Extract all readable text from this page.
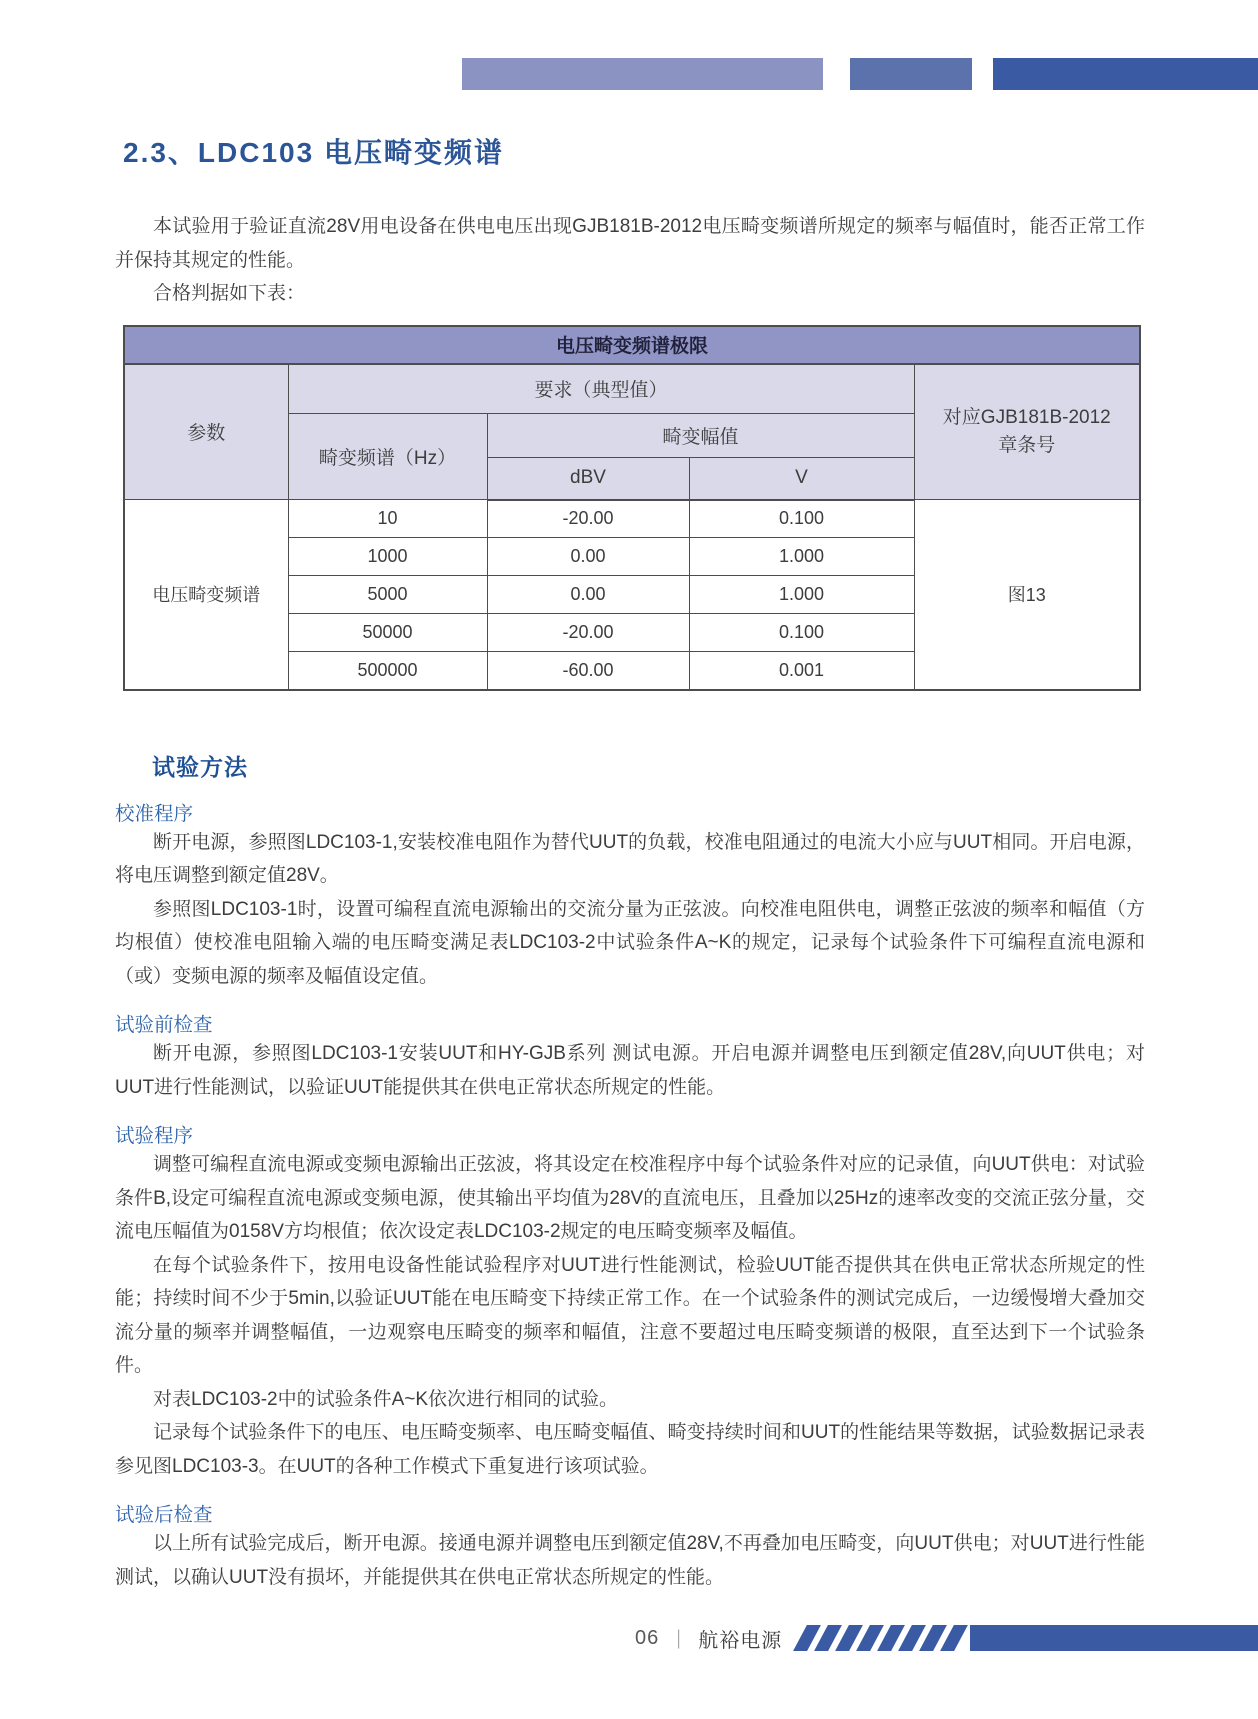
2.3、LDC103 电压畸变频谱

本试验用于验证直流28V用电设备在供电电压出现GJB181B-2012电压畸变频谱所规定的频率与幅值时，能否正常工作并保持其规定的性能。

合格判据如下表：

电压畸变频谱极限				
参数	要求（典型值）			对应GJB181B-2012
章条号

	畸变频谱（Hz）	畸变幅值		
		dBV	V	
电压畸变频谱	10	-20.00	0.100	图13
	1000	0.00	1.000	
	5000	0.00	1.000	
	50000	-20.00	0.100	
	500000	-60.00	0.001	
试验方法
校准程序

断开电源，参照图LDC103-1,安装校准电阻作为替代UUT的负载，校准电阻通过的电流大小应与UUT相同。开启电源，将电压调整到额定值28V。

参照图LDC103-1时，设置可编程直流电源输出的交流分量为正弦波。向校准电阻供电，调整正弦波的频率和幅值（方均根值）使校准电阻输入端的电压畸变满足表LDC103-2中试验条件A~K的规定，记录每个试验条件下可编程直流电源和（或）变频电源的频率及幅值设定值。

试验前检查

断开电源，参照图LDC103-1安装UUT和HY-GJB系列 测试电源。开启电源并调整电压到额定值28V,向UUT供电；对UUT进行性能测试，以验证UUT能提供其在供电正常状态所规定的性能。

试验程序

调整可编程直流电源或变频电源输出正弦波，将其设定在校准程序中每个试验条件对应的记录值，向UUT供电：对试验条件B,设定可编程直流电源或变频电源，使其输出平均值为28V的直流电压，且叠加以25Hz的速率改变的交流正弦分量，交流电压幅值为0158V方均根值；依次设定表LDC103-2规定的电压畸变频率及幅值。

在每个试验条件下，按用电设备性能试验程序对UUT进行性能测试，检验UUT能否提供其在供电正常状态所规定的性能；持续时间不少于5min,以验证UUT能在电压畸变下持续正常工作。在一个试验条件的测试完成后，一边缓慢增大叠加交流分量的频率并调整幅值，一边观察电压畸变的频率和幅值，注意不要超过电压畸变频谱的极限，直至达到下一个试验条件。

对表LDC103-2中的试验条件A~K依次进行相同的试验。

记录每个试验条件下的电压、电压畸变频率、电压畸变幅值、畸变持续时间和UUT的性能结果等数据，试验数据记录表参见图LDC103-3。在UUT的各种工作模式下重复进行该项试验。

试验后检查

以上所有试验完成后，断开电源。接通电源并调整电压到额定值28V,不再叠加电压畸变，向UUT供电；对UUT进行性能测试，以确认UUT没有损坏，并能提供其在供电正常状态所规定的性能。

06 ｜ 航裕电源
